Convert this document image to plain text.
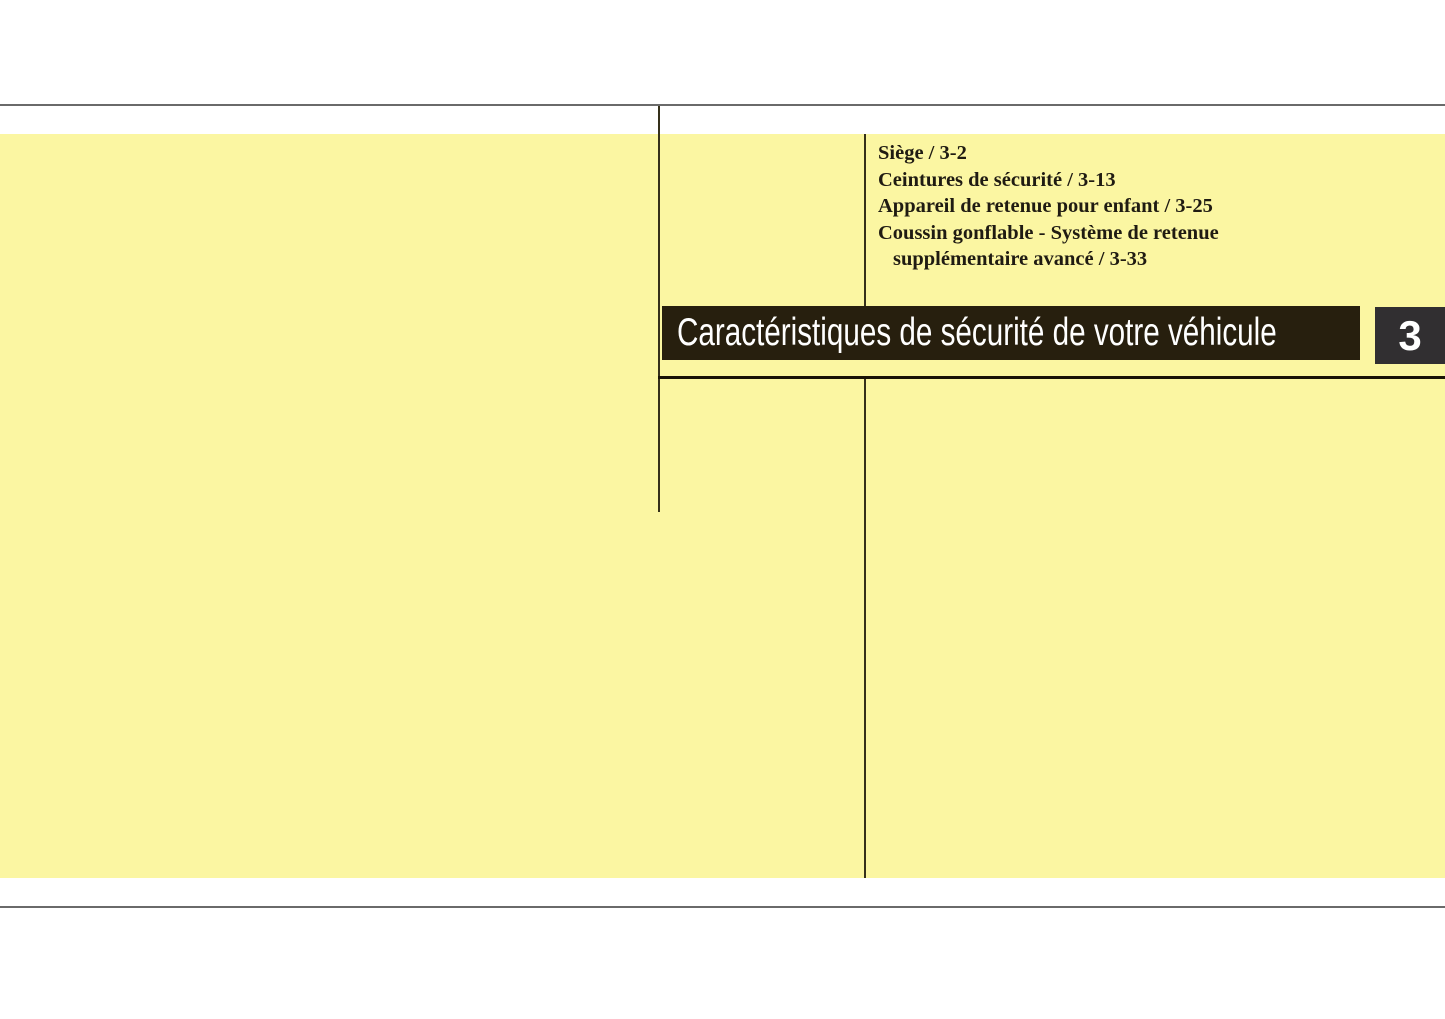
Siège / 3-2
Ceintures de sécurité / 3-13
Appareil de retenue pour enfant / 3-25
Coussin gonflable - Système de retenue
supplémentaire avancé / 3-33
Caractéristiques de sécurité de votre véhicule	3
